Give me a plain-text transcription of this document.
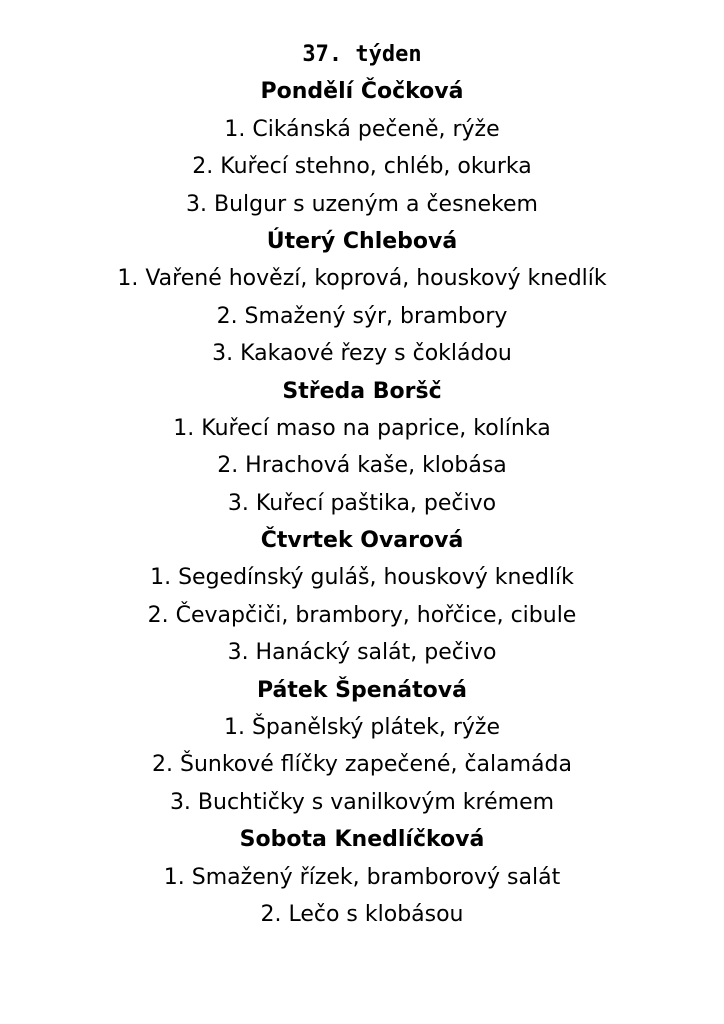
37. týden
Pondělí Čočková
1. Cikánská pečeně, rýže
2. Kuřecí stehno, chléb, okurka
3. Bulgur s uzeným a česnekem
Úterý Chlebová
1. Vařené hovězí, koprová, houskový knedlík
2. Smažený sýr, brambory
3. Kakaové řezy s čokládou
Středa Boršč
1. Kuřecí maso na paprice, kolínka
2. Hrachová kaše, klobása
3. Kuřecí paštika, pečivo
Čtvrtek Ovarová
1. Segedínský guláš, houskový knedlík
2. Čevapčiči, brambory, hořčice, cibule
3. Hanácký salát, pečivo
Pátek Špenátová
1. Španělský plátek, rýže
2. Šunkové flíčky zapečené, čalamáda
3. Buchtičky s vanilkovým krémem
Sobota Knedlíčková
1. Smažený řízek, bramborový salát
2. Lečo s klobásou
